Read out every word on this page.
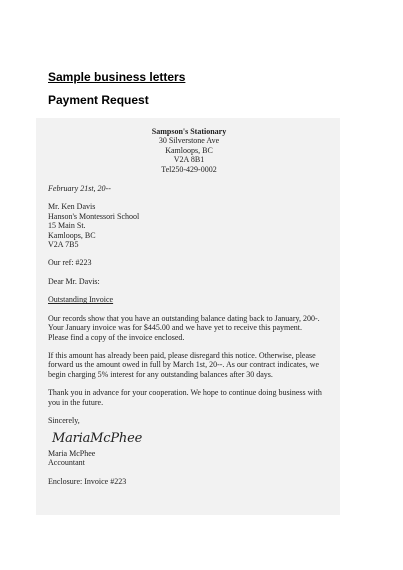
Sample business letters
Payment Request
Sampson's Stationary
30 Silverstone Ave
Kamloops, BC
V2A 8B1
Tel250-429-0002
February 21st, 20--
Mr. Ken Davis
Hanson's Montessori School
15 Main St.
Kamloops, BC
V2A 7B5
Our ref: #223
Dear Mr. Davis:
Outstanding Invoice
Our records show that you have an outstanding balance dating back to January, 200-.
Your January invoice was for $445.00 and we have yet to receive this payment.
Please find a copy of the invoice enclosed.
If this amount has already been paid, please disregard this notice. Otherwise, please
forward us the amount owed in full by March 1st, 20--. As our contract indicates, we
begin charging 5% interest for any outstanding balances after 30 days.
Thank you in advance for your cooperation. We hope to continue doing business with
you in the future.
Sincerely,
MariaMcPhee
Maria McPhee
Accountant
Enclosure: Invoice #223
